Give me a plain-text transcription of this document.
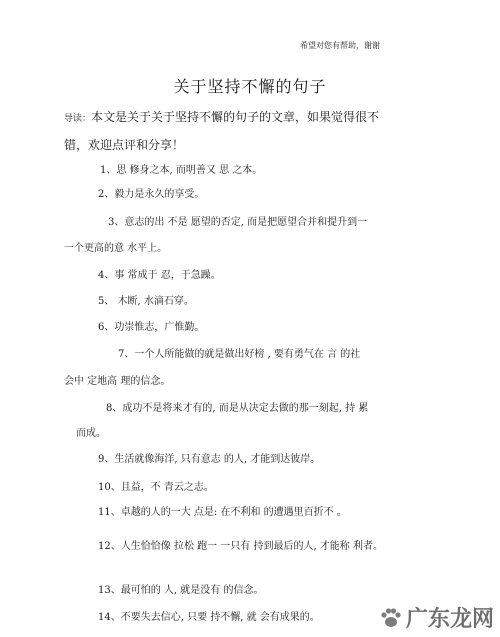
希望对您有帮助，谢谢
关于坚持不懈的句子
导读：本文是关于关于坚持不懈的句子的文章，如果觉得很不
错，欢迎点评和分享！
1、思 修身之本, 而明善又 思 之本。
2、毅力是永久的享受。
3、意志的出 不是 愿望的否定, 而是把愿望合并和提升到一
一个更高的意 水平上。
4、事 常成于 忍，于急躁。
5、 木断, 水滴石穿。
6、功崇惟志，广惟勤。
7、一个人所能做的就是做出好榜 , 要有勇气在 言 的社
会中 定地高 理的信念。
8、成功不是将来才有的, 而是从决定去做的那一刻起, 持 累
而成。
9、生活就像海洋, 只有意志 的人, 才能到达彼岸。
10、且益，不 青云之志。
11、卓越的人的一大 点是: 在不利和 的遭遇里百折不 。
12、人生恰恰像 拉松 跑一 一只有 持到最后的人, 才能称 利者。
13、最可怕的 人, 就是没有 的信念。
14、不要失去信心, 只要 持不懈, 就 会有成果的。	广东龙网
